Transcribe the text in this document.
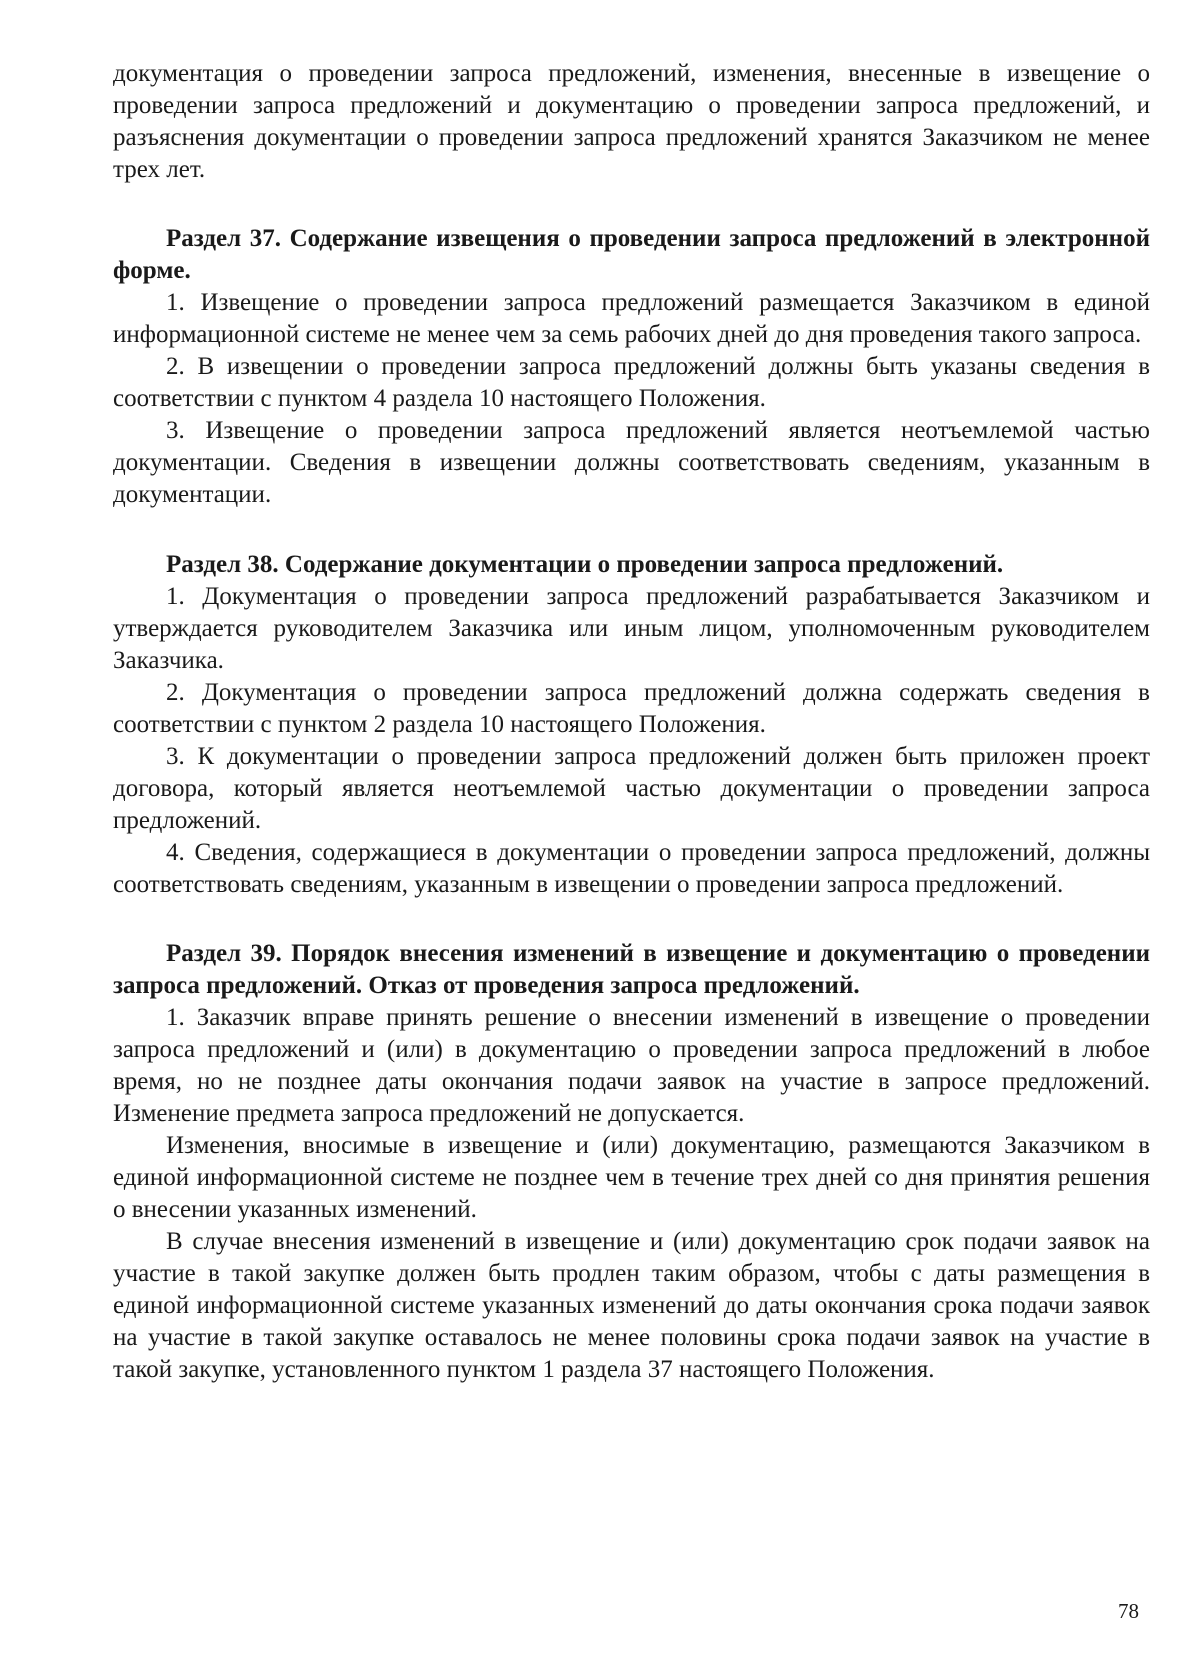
документация о проведении запроса предложений, изменения, внесенные в извещение о проведении запроса предложений и документацию о проведении запроса предложений, и разъяснения документации о проведении запроса предложений хранятся Заказчиком не менее трех лет.

Раздел 37. Содержание извещения о проведении запроса предложений в электронной форме.

1. Извещение о проведении запроса предложений размещается Заказчиком в единой информационной системе не менее чем за семь рабочих дней до дня проведения такого запроса.

2. В извещении о проведении запроса предложений должны быть указаны сведения в соответствии с пунктом 4 раздела 10 настоящего Положения.

3. Извещение о проведении запроса предложений является неотъемлемой частью документации. Сведения в извещении должны соответствовать сведениям, указанным в документации.

Раздел 38. Содержание документации о проведении запроса предложений.

1. Документация о проведении запроса предложений разрабатывается Заказчиком и утверждается руководителем Заказчика или иным лицом, уполномоченным руководителем Заказчика.

2. Документация о проведении запроса предложений должна содержать сведения в соответствии с пунктом 2 раздела 10 настоящего Положения.

3. К документации о проведении запроса предложений должен быть приложен проект договора, который является неотъемлемой частью документации о проведении запроса предложений.

4. Сведения, содержащиеся в документации о проведении запроса предложений, должны соответствовать сведениям, указанным в извещении о проведении запроса предложений.

Раздел 39. Порядок внесения изменений в извещение и документацию о проведении запроса предложений. Отказ от проведения запроса предложений.

1. Заказчик вправе принять решение о внесении изменений в извещение о проведении запроса предложений и (или) в документацию о проведении запроса предложений в любое время, но не позднее даты окончания подачи заявок на участие в запросе предложений. Изменение предмета запроса предложений не допускается.

Изменения, вносимые в извещение и (или) документацию, размещаются Заказчиком в единой информационной системе не позднее чем в течение трех дней со дня принятия решения о внесении указанных изменений.

В случае внесения изменений в извещение и (или) документацию срок подачи заявок на участие в такой закупке должен быть продлен таким образом, чтобы с даты размещения в единой информационной системе указанных изменений до даты окончания срока подачи заявок на участие в такой закупке оставалось не менее половины срока подачи заявок на участие в такой закупке, установленного пунктом 1 раздела 37 настоящего Положения.

78
